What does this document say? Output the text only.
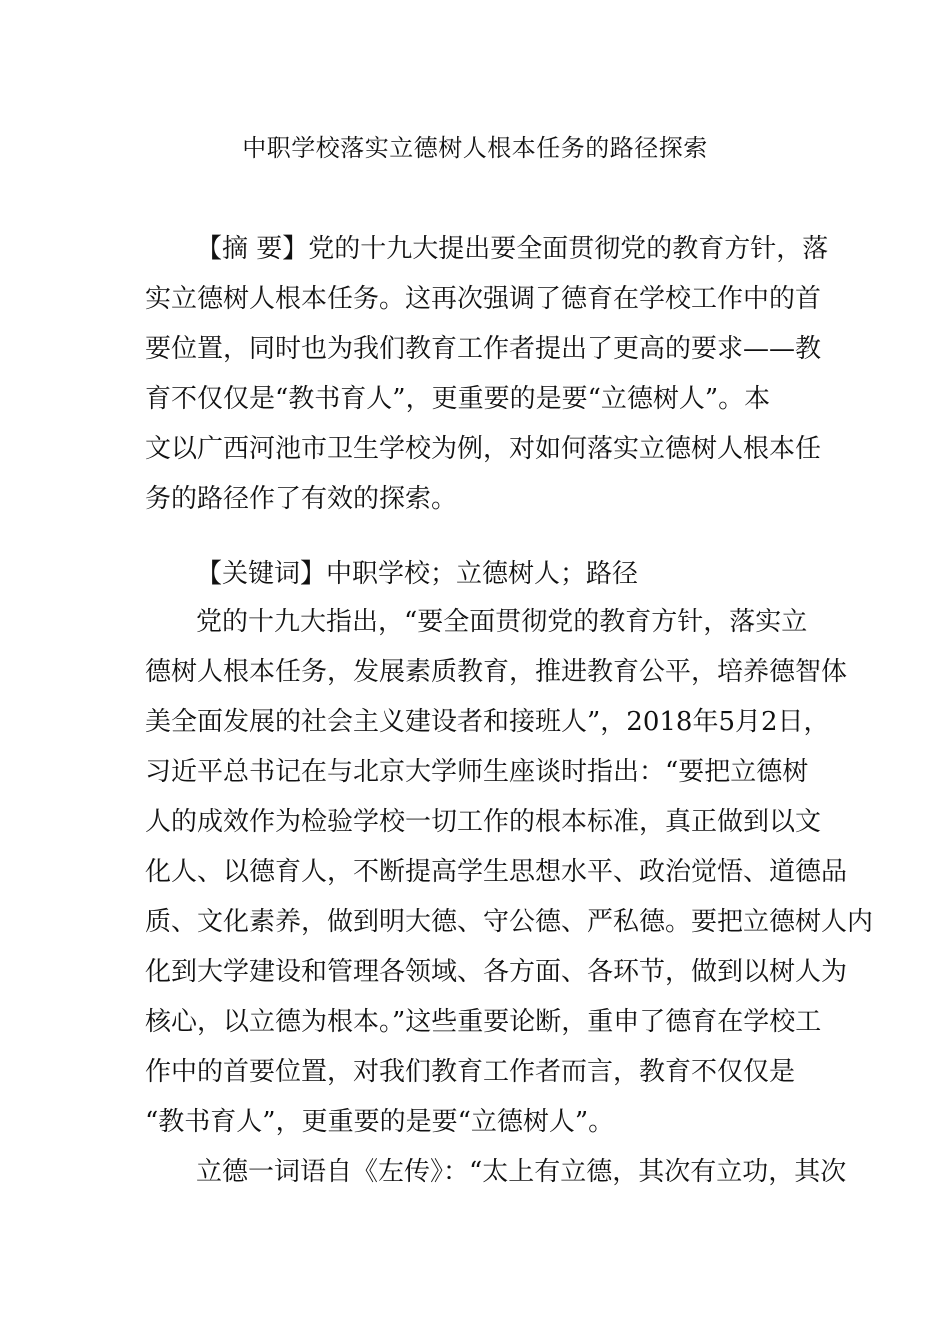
中职学校落实立德树人根本任务的路径探索
【摘 要】党的十九大提出要全面贯彻党的教育方针，落
实立德树人根本任务。这再次强调了德育在学校工作中的首
要位置，同时也为我们教育工作者提出了更高的要求——教
育不仅仅是“教书育人”，更重要的是要“立德树人”。本
文以广西河池市卫生学校为例，对如何落实立德树人根本任
务的路径作了有效的探索。
【关键词】中职学校；立德树人；路径
党的十九大指出，“要全面贯彻党的教育方针，落实立
德树人根本任务，发展素质教育，推进教育公平，培养德智体
美全面发展的社会主义建设者和接班人”，2018年5月2日，
习近平总书记在与北京大学师生座谈时指出：“要把立德树
人的成效作为检验学校一切工作的根本标准，真正做到以文
化人、以德育人，不断提高学生思想水平、政治觉悟、道德品
质、文化素养，做到明大德、守公德、严私德。要把立德树人内
化到大学建设和管理各领域、各方面、各环节，做到以树人为
核心，以立德为根本。”这些重要论断，重申了德育在学校工
作中的首要位置，对我们教育工作者而言，教育不仅仅是
“教书育人”，更重要的是要“立德树人”。
立德一词语自《左传》：“太上有立德，其次有立功，其次
